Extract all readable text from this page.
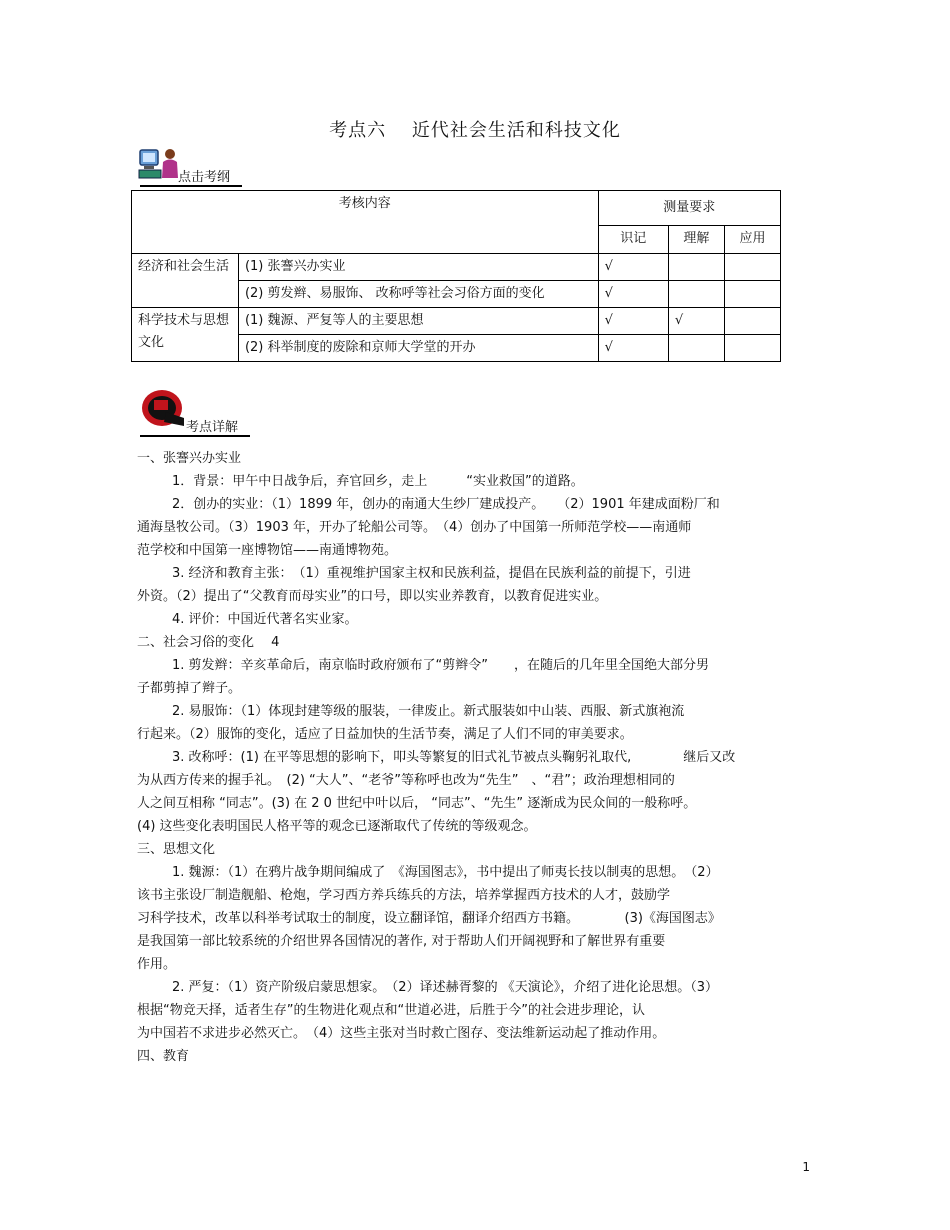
考点六　 近代社会生活和科技文化
点击考纲
考核内容		测量要求		
		识记	理解	应用
经济和社会生活	(1) 张謇兴办实业	√		
	(2) 剪发辫、易服饰、 改称呼等社会习俗方面的变化	√		
科学技术与思想文化	(1) 魏源、严复等人的主要思想	√	√	
	(2) 科举制度的废除和京师大学堂的开办	√		
考点详解

一、张謇兴办实业

1．背景：甲午中日战争后，弃官回乡，走上　　　“实业救国”的道路。

2．创办的实业：（1）1899 年，创办的南通大生纱厂建成投产。　　（2）1901 年建成面粉厂和

通海垦牧公司。（3）1903 年，开办了轮船公司等。　（4）创办了中国第一所师范学校——南通师

范学校和中国第一座博物馆——南通博物苑。

3. 经济和教育主张：　（1）重视维护国家主权和民族利益，提倡在民族利益的前提下，引进

外资。（2）提出了“父教育而母实业”的口号，即以实业养教育，以教育促进实业。

4. 评价：中国近代著名实业家。

二、社会习俗的变化　 4

1. 剪发辫：辛亥革命后，南京临时政府颁布了“剪辫令”　　，在随后的几年里全国绝大部分男

子都剪掉了辫子。

2. 易服饰：（1）体现封建等级的服装，一律废止。新式服装如中山装、西服、新式旗袍流

行起来。（2）服饰的变化，适应了日益加快的生活节奏，满足了人们不同的审美要求。

3. 改称呼：(1) 在平等思想的影响下，叩头等繁复的旧式礼节被点头鞠躬礼取代,　　　　继后又改

为从西方传来的握手礼。　(2) “大人”、“老爷”等称呼也改为“先生”　、“君”；政治理想相同的

人之间互相称 “同志”。(3) 在 2 0 世纪中叶以后， “同志”、“先生” 逐渐成为民众间的一般称呼。

(4) 这些变化表明国民人格平等的观念已逐渐取代了传统的等级观念。

三、思想文化

1. 魏源：（1）在鸦片战争期间编成了　《海国图志》，书中提出了师夷长技以制夷的思想。　（2）

该书主张设厂制造舰船、枪炮，学习西方养兵练兵的方法，培养掌握西方技术的人才，鼓励学

习科学技术，改革以科举考试取士的制度，设立翻译馆，翻译介绍西方书籍。　　　　(3)《海国图志》

是我国第一部比较系统的介绍世界各国情况的著作, 对于帮助人们开阔视野和了解世界有重要

作用。

2. 严复：（1）资产阶级启蒙思想家。　（2）译述赫胥黎的 《天演论》，介绍了进化论思想。（3）

根据“物竞天择，适者生存”的生物进化观点和“世道必进，后胜于今”的社会进步理论，认

为中国若不求进步必然灭亡。　（4）这些主张对当时救亡图存、变法维新运动起了推动作用。

四、教育

1
